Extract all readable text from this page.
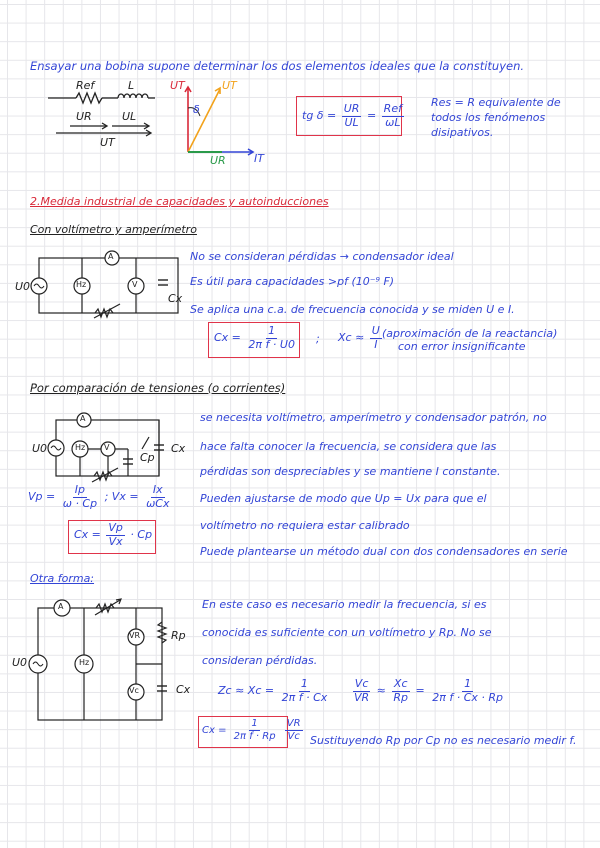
Ensayar una bobina supone determinar los dos elementos ideales que la constituyen.
Ref	L
UR	UL
UT
UT	UT
δ
UR	IT
tg $\delta = \frac{UR}{UL} = \frac{\text{Ref}}{\omega L}$
Res = R equivalente de
todos los fenómenos
disipativos.
2.Medida industrial de capacidades y autoinducciones
Con voltímetro y amperímetro
A
V
Hz
U0
Cx
No se consideran pérdidas → condensador ideal
Es útil para capacidades >pf (10⁻⁹ F)
Se aplica una c.a. de frecuencia conocida y se miden U e I.
$Cx = \frac{1}{\text{2π f · U0}}$ ; $Xc \approx \frac{U}{I}$ (aproximación de la reactancia)
con error insignificante
Por comparación de tensiones (o corrientes)
A
V
Hz
U0
Cp
Cx
$Vp = \frac{Ip}{\omega \cdot Cp}$ ; $Vx = \frac{Ix}{\text{ωCx}}$
$Cx = \frac{Vp}{Vx} \cdot Cp$
se necesita voltímetro, amperímetro y condensador patrón, no
hace falta conocer la frecuencia, se considera que las
pérdidas son despreciables y se mantiene I constante.
Pueden ajustarse de modo que Up = Ux para que el
voltímetro no requiera estar calibrado
Puede plantearse un método dual con dos condensadores en serie
Otra forma:
A
Hz
U0
VR
Vc
Rp
Cx
En este caso es necesario medir la frecuencia, si es
conocida es suficiente con un voltímetro y Rp. No se
consideran pérdidas.
$Zc \approx Xc = \frac{1}{\text{2π f · Cx}} \frac{Vc}{VR} \approx \frac{Xc}{Rp} = \frac{1}{\text{2π f · Cx · Rp}}$
$Cx = \frac{1}{\text{2π f · Rp}}$
$\frac{VR}{Vc}$ Sustituyendo Rp por Cp no es necesario medir f.
